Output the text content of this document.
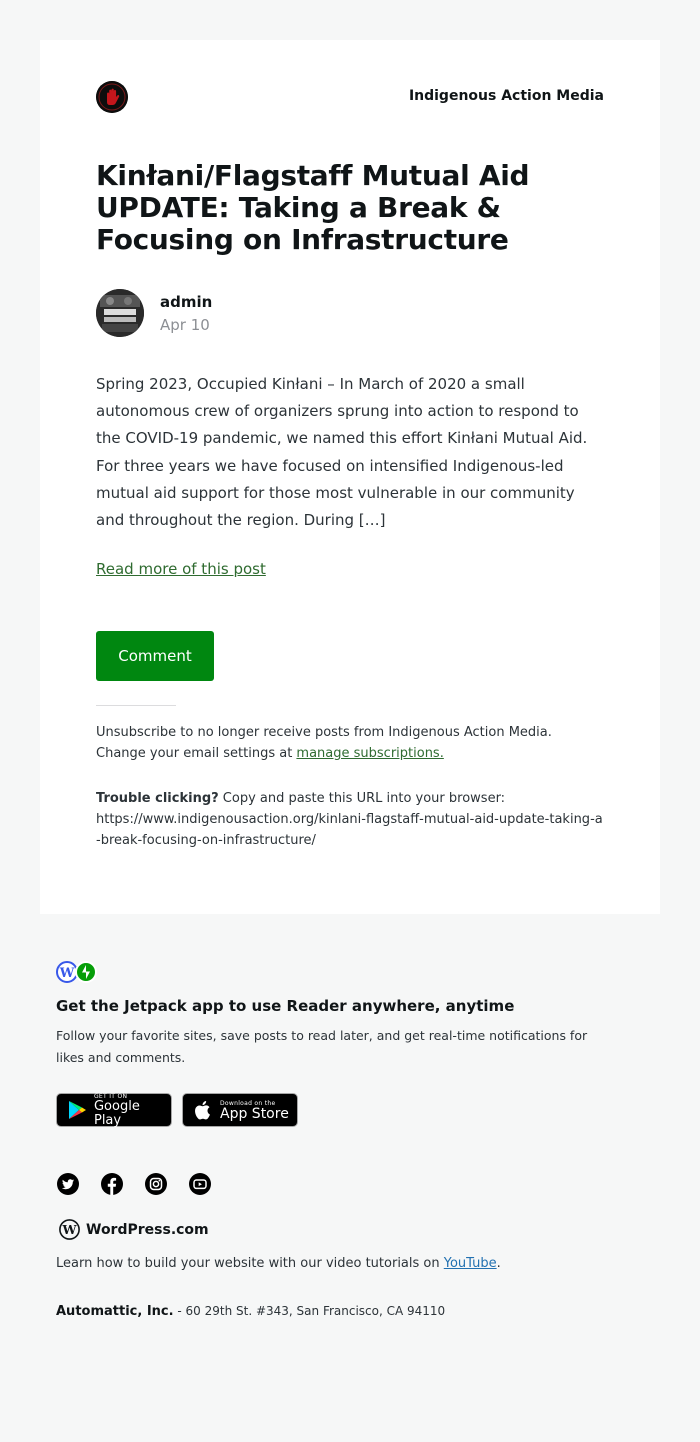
Indigenous Action Media
Kinłani/Flagstaff Mutual Aid UPDATE: Taking a Break & Focusing on Infrastructure
admin
Apr 10

Spring 2023, Occupied Kinłani – In March of 2020 a small autonomous crew of organizers sprung into action to respond to the COVID-19 pandemic, we named this effort Kinłani Mutual Aid. For three years we have focused on intensified Indigenous-led mutual aid support for those most vulnerable in our community and throughout the region. During […]

Read more of this post
Comment
Unsubscribe to no longer receive posts from Indigenous Action Media.
Change your email settings at manage subscriptions.
Trouble clicking? Copy and paste this URL into your browser:
https://www.indigenousaction.org/kinlani-flagstaff-mutual-aid-update-taking-a-break-focusing-on-infrastructure/
W
Get the Jetpack app to use Reader anywhere, anytime

Follow your favorite sites, save posts to read later, and get real-time notifications for likes and comments.

GET IT ON
Google Play
Download on the
App Store
W WordPress.com
Learn how to build your website with our video tutorials on YouTube.
Automattic, Inc. - 60 29th St. #343, San Francisco, CA 94110
